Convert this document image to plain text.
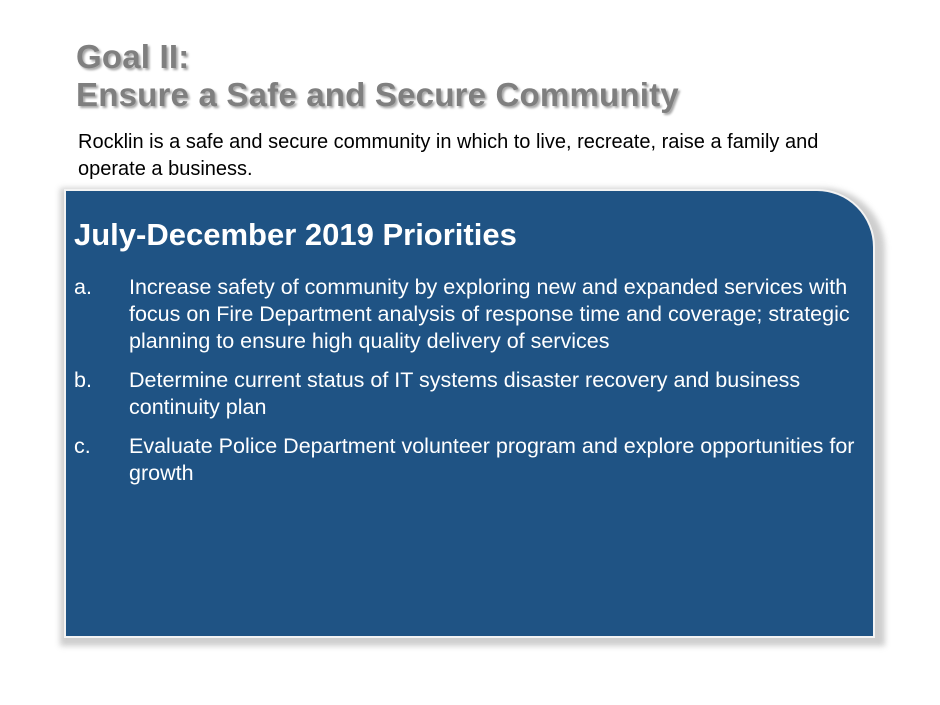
Goal II:
Ensure a Safe and Secure Community

Rocklin is a safe and secure community in which to live, recreate, raise a family and operate a business.

July-December 2019 Priorities
a. Increase safety of community by exploring new and expanded services with focus on Fire Department analysis of response time and coverage; strategic planning to ensure high quality delivery of services
b. Determine current status of IT systems disaster recovery and business continuity plan
c. Evaluate Police Department volunteer program and explore opportunities for growth
